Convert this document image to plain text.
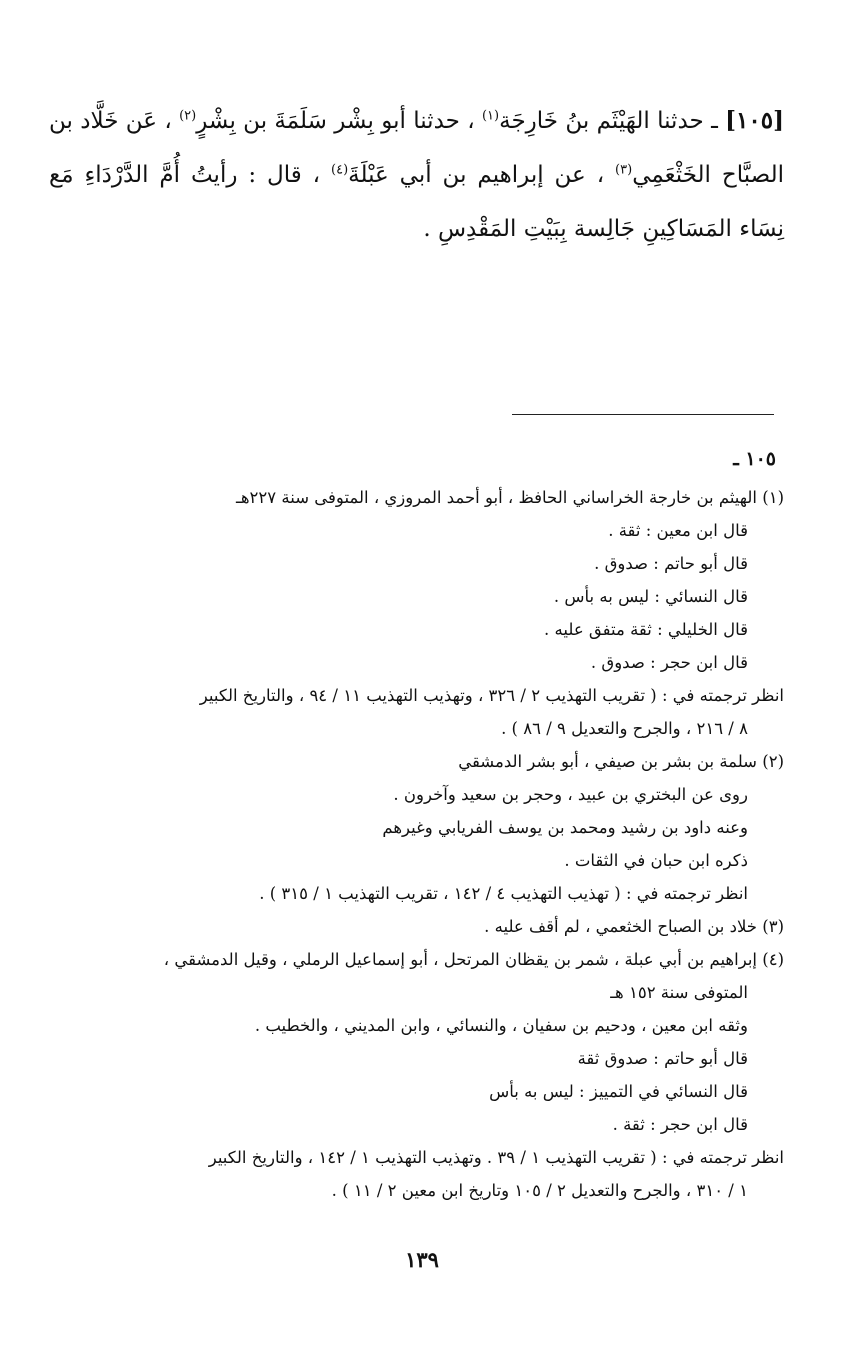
[١٠٥] ـ حدثنا الهَيْثَم بنُ خَارِجَة$^{(١)}$ ، حدثنا أبو بِشْر سَلَمَةَ بن بِشْرٍ$^{(٢)}$ ، عَن خَلَّاد بن الصبَّاح الخَثْعَمِي$^{(٣)}$ ، عن إبراهيم بن أبي عَبْلَةَ$^{(٤)}$ ، قال : رأيتُ أُمَّ الدَّرْدَاءِ مَع نِسَاء المَسَاكِينِ جَالِسة بِبَيْتِ المَقْدِسِ .
١٠٥ ـ

(١) الهيثم بن خارجة الخراساني الحافظ ، أبو أحمد المروزي ، المتوفى سنة ٢٢٧هـ

قال ابن معين : ثقة .

قال أبو حاتم : صدوق .

قال النسائي : ليس به بأس .

قال الخليلي : ثقة متفق عليه .

قال ابن حجر : صدوق .

انظر ترجمته في : ( تقريب التهذيب ٢ / ٣٢٦ ، وتهذيب التهذيب ١١ / ٩٤ ، والتاريخ الكبير

٨ / ٢١٦ ، والجرح والتعديل ٩ / ٨٦ ) .

(٢) سلمة بن بشر بن صيفي ، أبو بشر الدمشقي

روى عن البختري بن عبيد ، وحجر بن سعيد وآخرون .

وعنه داود بن رشيد ومحمد بن يوسف الفريابي وغيرهم

ذكره ابن حبان في الثقات .

انظر ترجمته في : ( تهذيب التهذيب ٤ / ١٤٢ ، تقريب التهذيب ١ / ٣١٥ ) .

(٣) خلاد بن الصباح الخثعمي ، لم أقف عليه .

(٤) إبراهيم بن أبي عبلة ، شمر بن يقظان المرتحل ، أبو إسماعيل الرملي ، وقيل الدمشقي ،

المتوفى سنة ١٥٢ هـ

وثقه ابن معين ، ودحيم بن سفيان ، والنسائي ، وابن المديني ، والخطيب .

قال أبو حاتم : صدوق ثقة

قال النسائي في التمييز : ليس به بأس

قال ابن حجر : ثقة .

انظر ترجمته في : ( تقريب التهذيب ١ / ٣٩ . وتهذيب التهذيب ١ / ١٤٢ ، والتاريخ الكبير

١ / ٣١٠ ، والجرح والتعديل ٢ / ١٠٥ وتاريخ ابن معين ٢ / ١١ ) .

١٣٩
